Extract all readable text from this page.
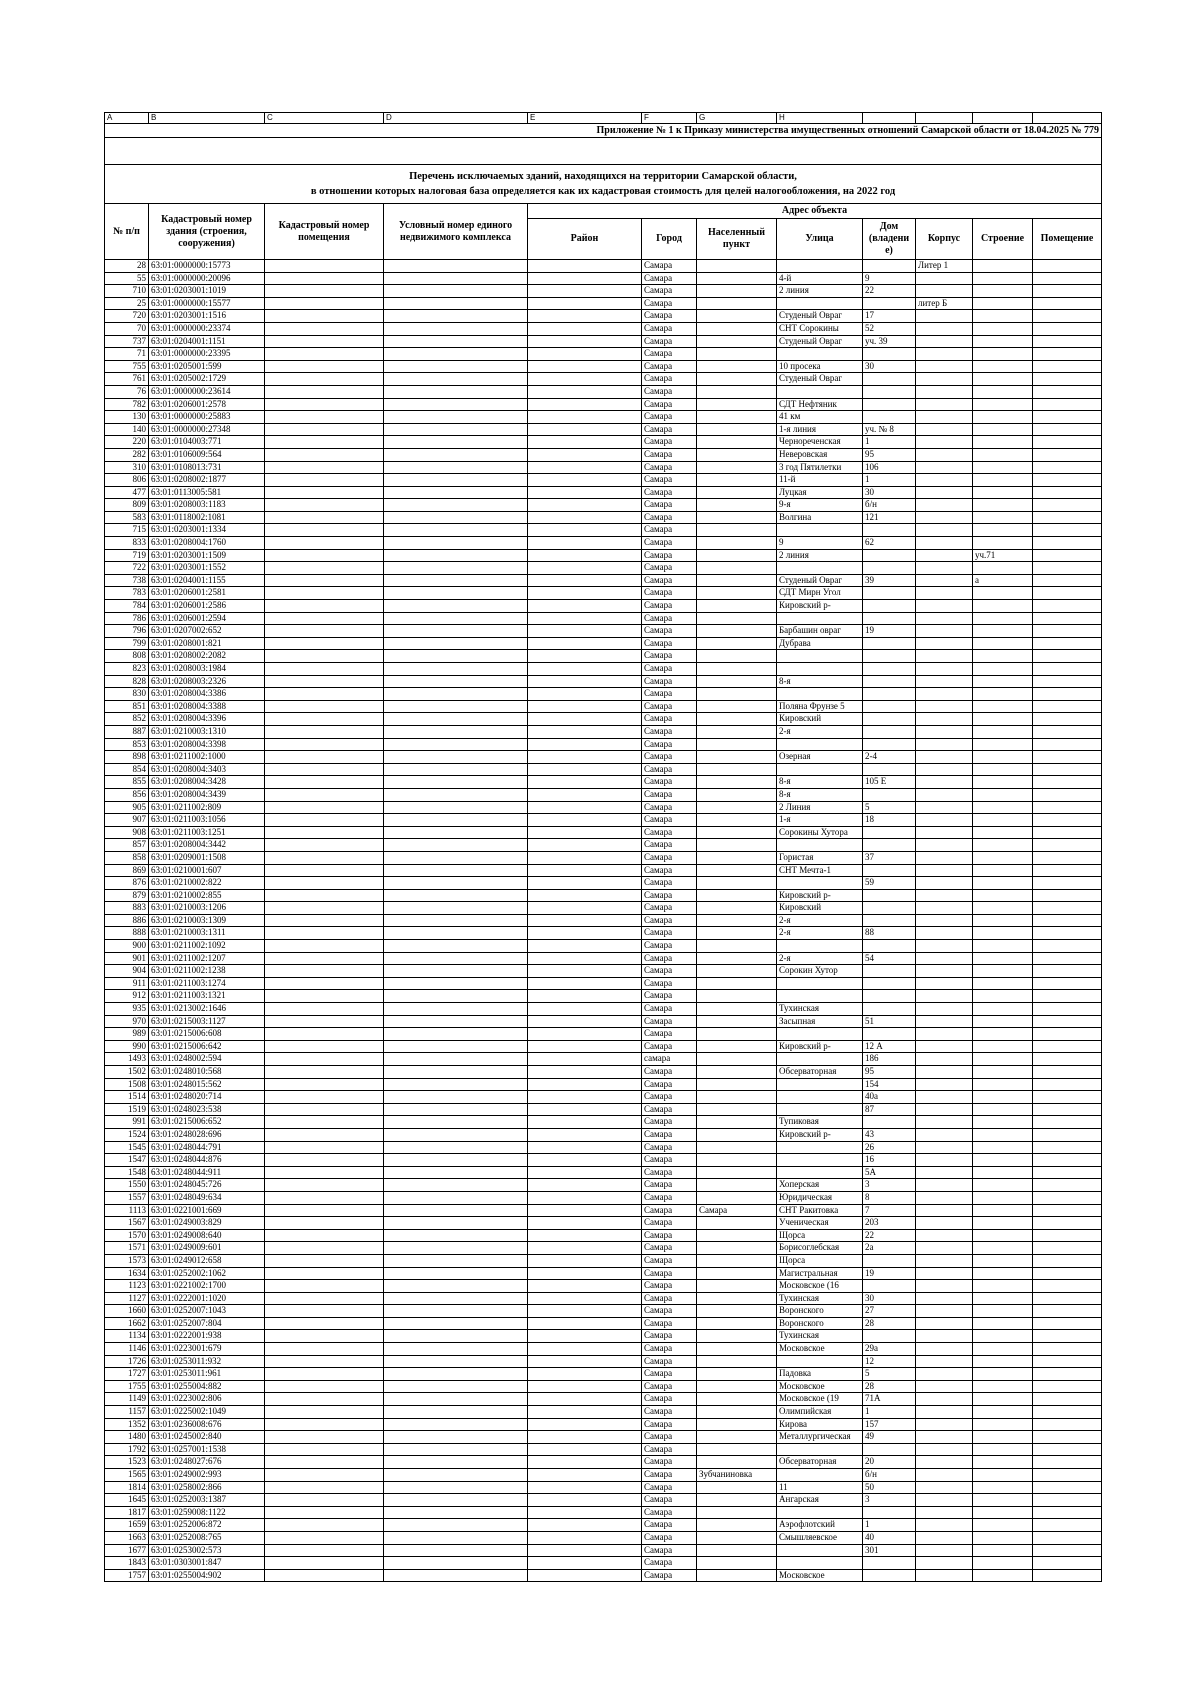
A	B	C	D	E	F	G	H				
Приложение № 1 к Приказу министерства имущественных отношений Самарской области от 18.04.2025 № 779											

Перечень исключаемых зданий, находящихся на территории Самарской области,
в отношении которых налоговая база определяется как их кадастровая стоимость для целей налогообложения, на 2022 год											

№ п/п	Кадастровый номер здания (строения, сооружения)	Кадастровый номер помещения	Условный номер единого недвижимого комплекса	Адрес объекта							
				Район	Город	Населенный пункт	Улица	Дом (владени е)	Корпус	Строение	Помещение
28	63:01:0000000:15773				Самара				Литер 1		
55	63:01:0000000:20096				Самара		4-й	9			
710	63:01:0203001:1019				Самара		2 линия	22			
25	63:01:0000000:15577				Самара				литер Б		
720	63:01:0203001:1516				Самара		Студеный Овраг	17			
70	63:01:0000000:23374				Самара		СНТ Сорокины	52			
737	63:01:0204001:1151				Самара		Студеный Овраг	уч. 39			
71	63:01:0000000:23395				Самара						
755	63:01:0205001:599				Самара		10 просека	30			
761	63:01:0205002:1729				Самара		Студеный Овраг				
76	63:01:0000000:23614				Самара						
782	63:01:0206001:2578				Самара		СДТ Нефтяник				
130	63:01:0000000:25883				Самара		41 км				
140	63:01:0000000:27348				Самара		1-я линия	уч. № 8			
220	63:01:0104003:771				Самара		Чернореченская	1			
282	63:01:0106009:564				Самара		Неверовская	95			
310	63:01:0108013:731				Самара		3 год Пятилетки	106			
806	63:01:0208002:1877				Самара		11-й	1			
477	63:01:0113005:581				Самара		Луцкая	30			
809	63:01:0208003:1183				Самара		9-я	б/н			
583	63:01:0118002:1081				Самара		Волгина	121			
715	63:01:0203001:1334				Самара						
833	63:01:0208004:1760				Самара		9	62			
719	63:01:0203001:1509				Самара		2 линия			уч.71	
722	63:01:0203001:1552				Самара						
738	63:01:0204001:1155				Самара		Студеный Овраг	39		а	
783	63:01:0206001:2581				Самара		СДТ Мирн Угол				
784	63:01:0206001:2586				Самара		Кировский р-				
786	63:01:0206001:2594				Самара						
796	63:01:0207002:652				Самара		Барбашин овраг	19			
799	63:01:0208001:821				Самара		Дубрава				
808	63:01:0208002:2082				Самара						
823	63:01:0208003:1984				Самара						
828	63:01:0208003:2326				Самара		8-я				
830	63:01:0208004:3386				Самара						
851	63:01:0208004:3388				Самара		Поляна Фрунзе 5				
852	63:01:0208004:3396				Самара		Кировский				
887	63:01:0210003:1310				Самара		2-я				
853	63:01:0208004:3398				Самара						
898	63:01:0211002:1000				Самара		Озерная	2-4			
854	63:01:0208004:3403				Самара						
855	63:01:0208004:3428				Самара		8-я	105 Е			
856	63:01:0208004:3439				Самара		8-я				
905	63:01:0211002:809				Самара		2 Линия	5			
907	63:01:0211003:1056				Самара		1-я	18			
908	63:01:0211003:1251				Самара		Сорокины Хутора				
857	63:01:0208004:3442				Самара						
858	63:01:0209001:1508				Самара		Гористая	37			
869	63:01:0210001:607				Самара		СНТ Мечта-1				
876	63:01:0210002:822				Самара			59			
879	63:01:0210002:855				Самара		Кировский р-				
883	63:01:0210003:1206				Самара		Кировский				
886	63:01:0210003:1309				Самара		2-я				
888	63:01:0210003:1311				Самара		2-я	88			
900	63:01:0211002:1092				Самара						
901	63:01:0211002:1207				Самара		2-я	54			
904	63:01:0211002:1238				Самара		Сорокин Хутор				
911	63:01:0211003:1274				Самара						
912	63:01:0211003:1321				Самара						
935	63:01:0213002:1646				Самара		Тухинская				
970	63:01:0215003:1127				Самара		Засыпная	51			
989	63:01:0215006:608				Самара						
990	63:01:0215006:642				Самара		Кировский р-	12 А			
1493	63:01:0248002:594				самара			186			
1502	63:01:0248010:568				Самара		Обсерваторная	95			
1508	63:01:0248015:562				Самара			154			
1514	63:01:0248020:714				Самара			40а			
1519	63:01:0248023:538				Самара			87			
991	63:01:0215006:652				Самара		Тупиковая				
1524	63:01:0248028:696				Самара		Кировский р-	43			
1545	63:01:0248044:791				Самара			26			
1547	63:01:0248044:876				Самара			16			
1548	63:01:0248044:911				Самара			5А			
1550	63:01:0248045:726				Самара		Хоперская	3			
1557	63:01:0248049:634				Самара		Юридическая	8			
1113	63:01:0221001:669				Самара	Самара	СНТ Ракитовка	7			
1567	63:01:0249003:829				Самара		Ученическая	203			
1570	63:01:0249008:640				Самара		Щорса	22			
1571	63:01:0249009:601				Самара		Борисоглебская	2а			
1573	63:01:0249012:658				Самара		Щорса				
1634	63:01:0252002:1062				Самара		Магистральная	19			
1123	63:01:0221002:1700				Самара		Московское (16				
1127	63:01:0222001:1020				Самара		Тухинская	30			
1660	63:01:0252007:1043				Самара		Воронского	27			
1662	63:01:0252007:804				Самара		Воронского	28			
1134	63:01:0222001:938				Самара		Тухинская				
1146	63:01:0223001:679				Самара		Московское	29а			
1726	63:01:0253011:932				Самара			12			
1727	63:01:0253011:961				Самара		Падовка	5			
1755	63:01:0255004:882				Самара		Московское	28			
1149	63:01:0223002:806				Самара		Московское (19	71А			
1157	63:01:0225002:1049				Самара		Олимпийская	1			
1352	63:01:0236008:676				Самара		Кирова	157			
1480	63:01:0245002:840				Самара		Металлургическая	49			
1792	63:01:0257001:1538				Самара						
1523	63:01:0248027:676				Самара		Обсерваторная	20			
1565	63:01:0249002:993				Самара	Зубчаниновка		б/н			
1814	63:01:0258002:866				Самара		11	50			
1645	63:01:0252003:1387				Самара		Ангарская	3			
1817	63:01:0259008:1122				Самара						
1659	63:01:0252006:872				Самара		Аэрофлотский	1			
1663	63:01:0252008:765				Самара		Смышляевское	40			
1677	63:01:0253002:573				Самара			301			
1843	63:01:0303001:847				Самара						
1757	63:01:0255004:902				Самара		Московское				
